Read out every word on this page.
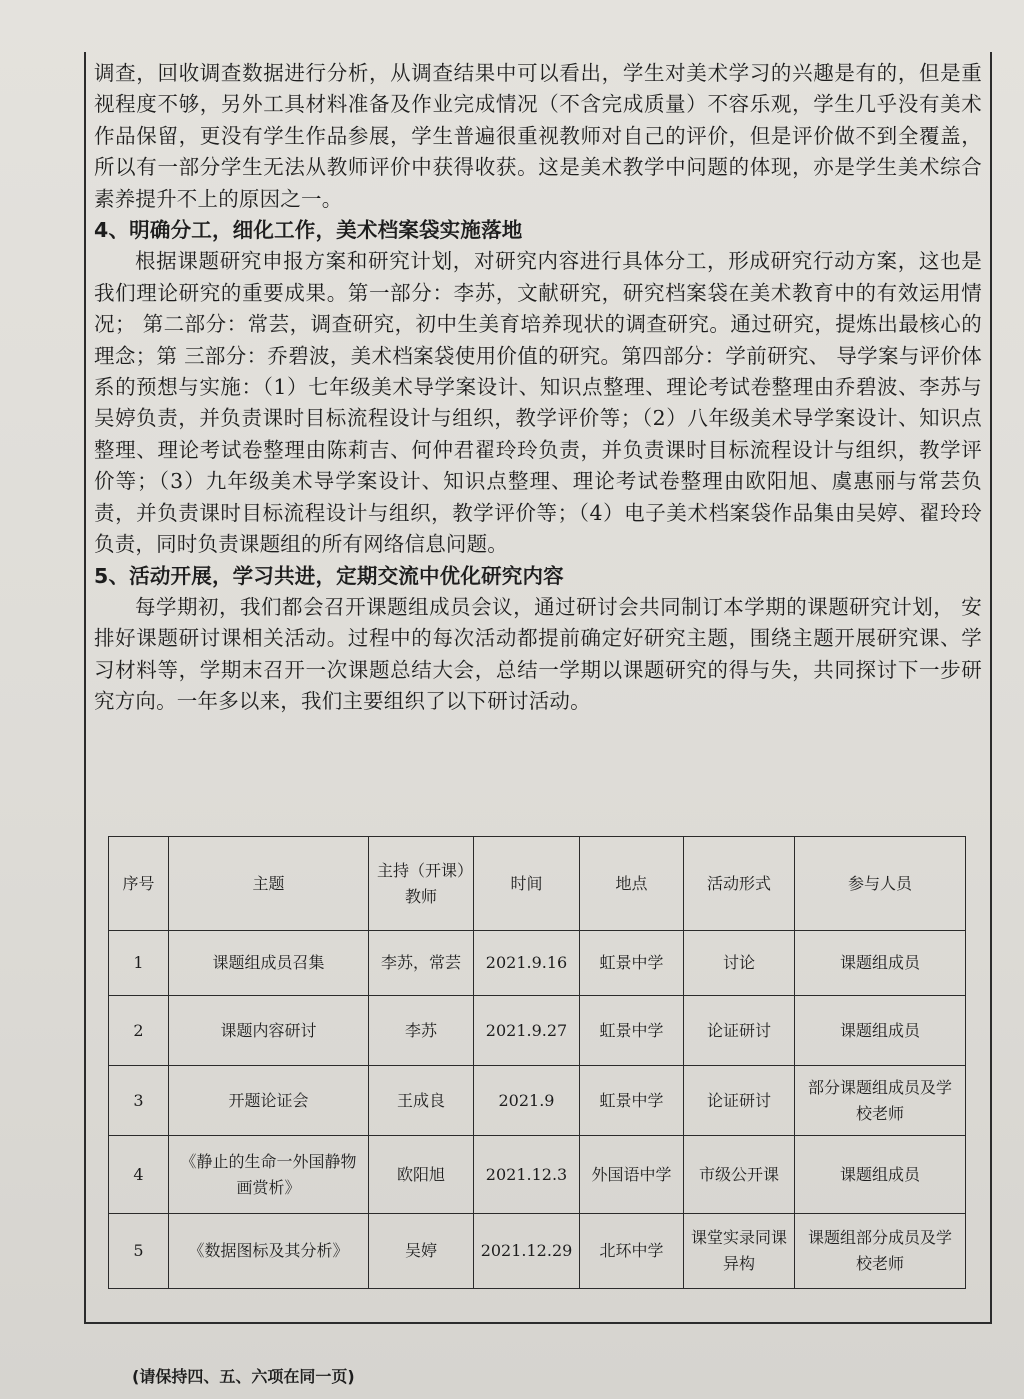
调查，回收调查数据进行分析，从调查结果中可以看出，学生对美术学习的兴趣是有的，但是重视程度不够，另外工具材料准备及作业完成情况（不含完成质量）不容乐观，学生几乎没有美术作品保留，更没有学生作品参展，学生普遍很重视教师对自己的评价，但是评价做不到全覆盖，所以有一部分学生无法从教师评价中获得收获。这是美术教学中问题的体现，亦是学生美术综合素养提升不上的原因之一。

4、明确分工，细化工作，美术档案袋实施落地

根据课题研究申报方案和研究计划，对研究内容进行具体分工，形成研究行动方案，这也是我们理论研究的重要成果。第一部分：李苏，文献研究，研究档案袋在美术教育中的有效运用情况； 第二部分：常芸，调查研究，初中生美育培养现状的调查研究。通过研究，提炼出最核心的理念；第 三部分：乔碧波，美术档案袋使用价值的研究。第四部分：学前研究、 导学案与评价体系的预想与实施：（1）七年级美术导学案设计、知识点整理、理论考试卷整理由乔碧波、李苏与吴婷负责，并负责课时目标流程设计与组织，教学评价等；（2）八年级美术导学案设计、知识点整理、理论考试卷整理由陈莉吉、何仲君翟玲玲负责，并负责课时目标流程设计与组织，教学评价等；（3）九年级美术导学案设计、知识点整理、理论考试卷整理由欧阳旭、虞惠丽与常芸负责，并负责课时目标流程设计与组织，教学评价等；（4）电子美术档案袋作品集由吴婷、翟玲玲负责，同时负责课题组的所有网络信息问题。

5、活动开展，学习共进，定期交流中优化研究内容

每学期初，我们都会召开课题组成员会议，通过研讨会共同制订本学期的课题研究计划， 安排好课题研讨课相关活动。过程中的每次活动都提前确定好研究主题，围绕主题开展研究课、学习材料等，学期末召开一次课题总结大会，总结一学期以课题研究的得与失，共同探讨下一步研究方向。一年多以来，我们主要组织了以下研讨活动。

序号	主题	主持（开课）教师	时间	地点	活动形式	参与人员
1	课题组成员召集	李苏，常芸	2021.9.16	虹景中学	讨论	课题组成员
2	课题内容研讨	李苏	2021.9.27	虹景中学	论证研讨	课题组成员
3	开题论证会	王成良	2021.9	虹景中学	论证研讨	部分课题组成员及学校老师
4	《静止的生命一外国静物画赏析》	欧阳旭	2021.12.3	外国语中学	市级公开课	课题组成员
5	《数据图标及其分析》	吴婷	2021.12.29	北环中学	课堂实录同课异构	课题组部分成员及学校老师
(请保持四、五、六项在同一页)
